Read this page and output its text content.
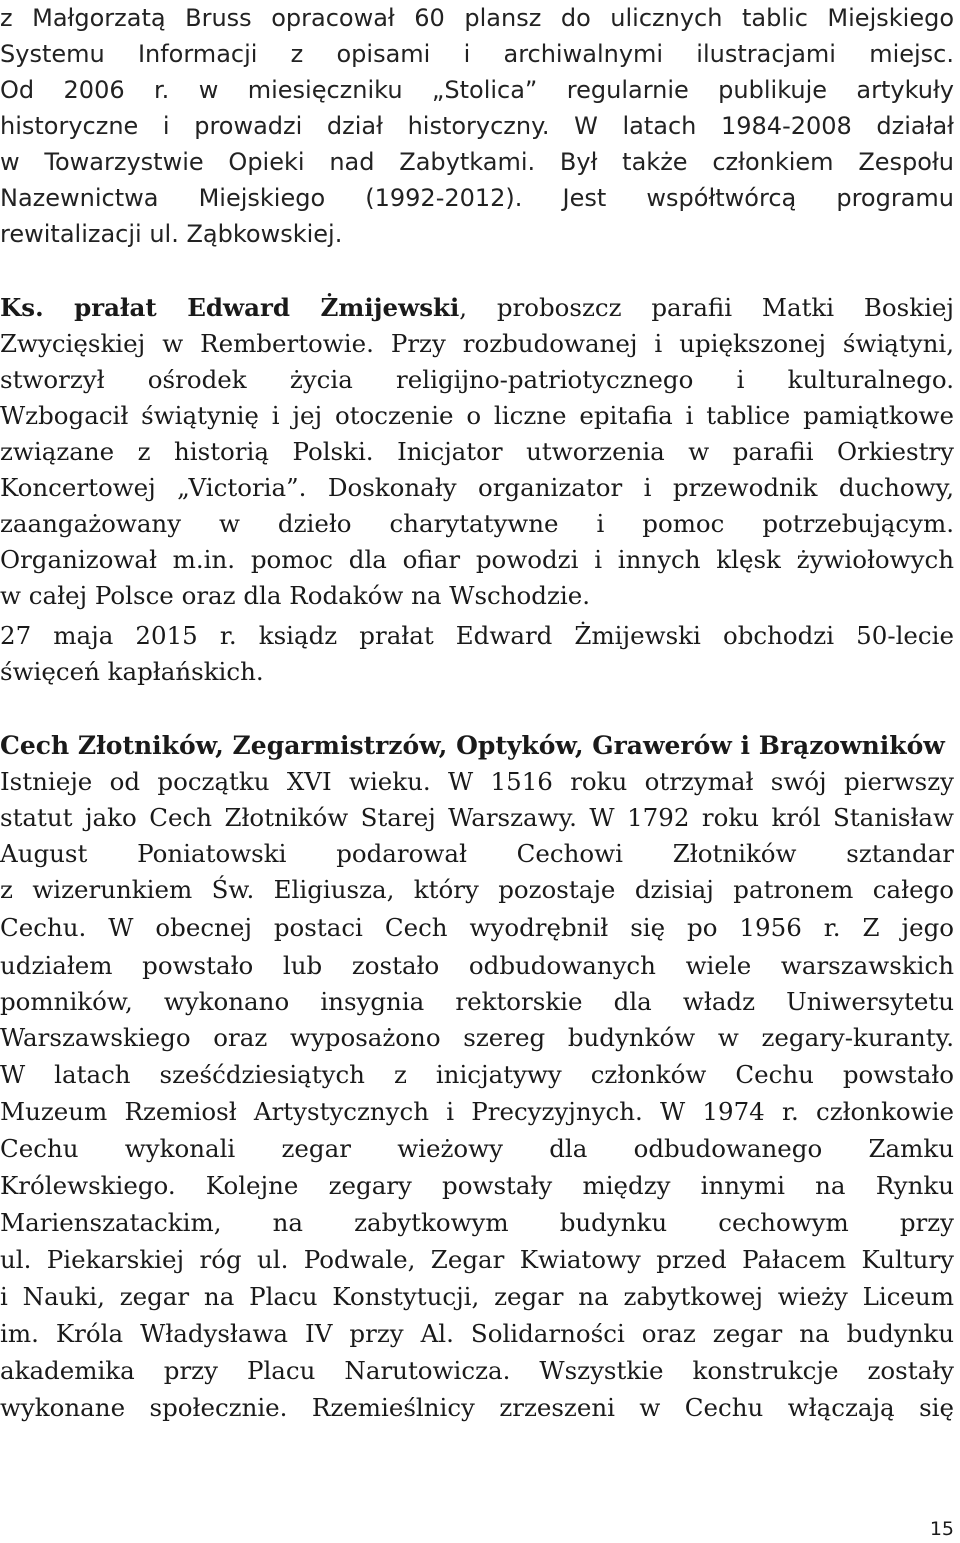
z Małgorzatą Bruss opracował 60 plansz do ulicznych tablic Miejskiego
Systemu Informacji z opisami i archiwalnymi ilustracjami miejsc.
Od 2006 r. w miesięczniku „Stolica” regularnie publikuje artykuły
historyczne i prowadzi dział historyczny. W latach 1984-2008 działał
w Towarzystwie Opieki nad Zabytkami. Był także członkiem Zespołu
Nazewnictwa Miejskiego (1992-2012). Jest współtwórcą programu
rewitalizacji ul. Ząbkowskiej.
Ks. prałat Edward Żmijewski, proboszcz parafii Matki Boskiej
Zwycięskiej w Rembertowie. Przy rozbudowanej i upiększonej świątyni,
stworzył ośrodek życia religijno-patriotycznego i kulturalnego.
Wzbogacił świątynię i jej otoczenie o liczne epitafia i tablice pamiątkowe
związane z historią Polski. Inicjator utworzenia w parafii Orkiestry
Koncertowej „Victoria”. Doskonały organizator i przewodnik duchowy,
zaangażowany w dzieło charytatywne i pomoc potrzebującym.
Organizował m.in. pomoc dla ofiar powodzi i innych klęsk żywiołowych
w całej Polsce oraz dla Rodaków na Wschodzie.
27 maja 2015 r. ksiądz prałat Edward Żmijewski obchodzi 50-lecie
święceń kapłańskich.
Cech Złotników, Zegarmistrzów, Optyków, Grawerów i Brązowników
Istnieje od początku XVI wieku. W 1516 roku otrzymał swój pierwszy
statut jako Cech Złotników Starej Warszawy. W 1792 roku król Stanisław
August Poniatowski podarował Cechowi Złotników sztandar
z wizerunkiem Św. Eligiusza, który pozostaje dzisiaj patronem całego
Cechu. W obecnej postaci Cech wyodrębnił się po 1956 r. Z jego
udziałem powstało lub zostało odbudowanych wiele warszawskich
pomników, wykonano insygnia rektorskie dla władz Uniwersytetu
Warszawskiego oraz wyposażono szereg budynków w zegary-kuranty.
W latach sześćdziesiątych z inicjatywy członków Cechu powstało
Muzeum Rzemiosł Artystycznych i Precyzyjnych. W 1974 r. członkowie
Cechu wykonali zegar wieżowy dla odbudowanego Zamku
Królewskiego. Kolejne zegary powstały między innymi na Rynku
Marienszatackim, na zabytkowym budynku cechowym przy
ul. Piekarskiej róg ul. Podwale, Zegar Kwiatowy przed Pałacem Kultury
i Nauki, zegar na Placu Konstytucji, zegar na zabytkowej wieży Liceum
im. Króla Władysława IV przy Al. Solidarności oraz zegar na budynku
akademika przy Placu Narutowicza. Wszystkie konstrukcje zostały
wykonane społecznie. Rzemieślnicy zrzeszeni w Cechu włączają się
15
